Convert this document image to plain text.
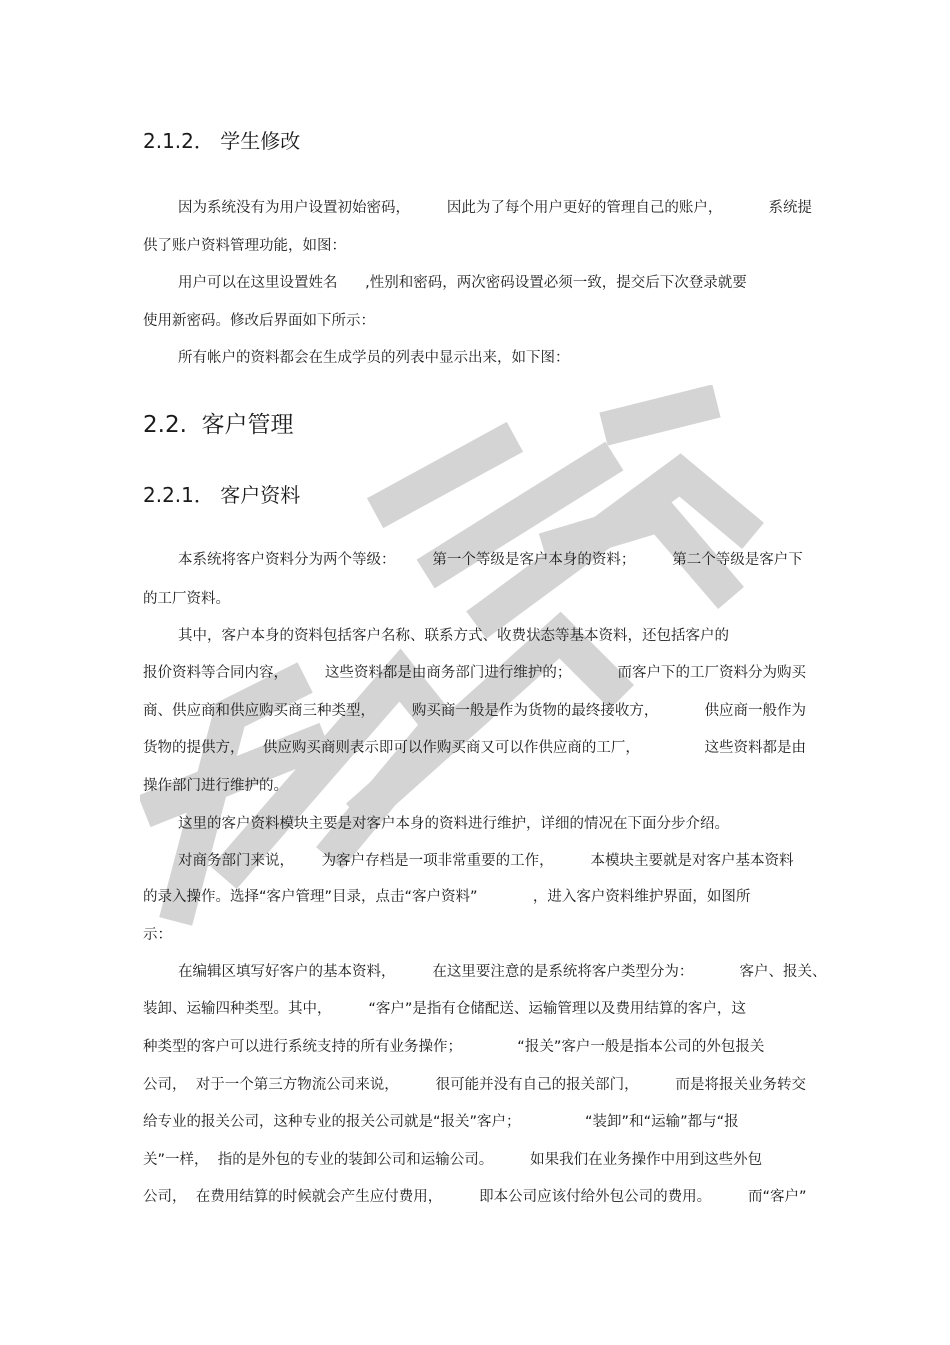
2.1.2． 学生修改
因为系统没有为用户设置初始密码，        因此为了每个用户更好的管理自己的账户，          系统提
供了账户资料管理功能，如图：
用户可以在这里设置姓名      ,性别和密码，两次密码设置必须一致，提交后下次登录就要
使用新密码。修改后界面如下所示：
所有帐户的资料都会在生成学员的列表中显示出来，如下图：
2.2.  客户管理
2.2.1． 客户资料
本系统将客户资料分为两个等级：        第一个等级是客户本身的资料；        第二个等级是客户下
的工厂资料。
其中，客户本身的资料包括客户名称、联系方式、收费状态等基本资料，还包括客户的
报价资料等合同内容，        这些资料都是由商务部门进行维护的；          而客户下的工厂资料分为购买
商、供应商和供应购买商三种类型，        购买商一般是作为货物的最终接收方，          供应商一般作为
货物的提供方，    供应购买商则表示即可以作购买商又可以作供应商的工厂，              这些资料都是由
操作部门进行维护的。
这里的客户资料模块主要是对客户本身的资料进行维护，详细的情况在下面分步介绍。
对商务部门来说，      为客户存档是一项非常重要的工作，        本模块主要就是对客户基本资料
的录入操作。选择“客户管理”目录，点击“客户资料”            ，进入客户资料维护界面，如图所
示：
在编辑区填写好客户的基本资料，        在这里要注意的是系统将客户类型分为：          客户、报关、
装卸、运输四种类型。其中，        “客户”是指有仓储配送、运输管理以及费用结算的客户，这
种类型的客户可以进行系统支持的所有业务操作；            “报关”客户一般是指本公司的外包报关
公司，  对于一个第三方物流公司来说，        很可能并没有自己的报关部门，        而是将报关业务转交
给专业的报关公司，这种专业的报关公司就是“报关”客户；              “装卸”和“运输”都与“报
关”一样，  指的是外包的专业的装卸公司和运输公司。        如果我们在业务操作中用到这些外包
公司，  在费用结算的时候就会产生应付费用，        即本公司应该付给外包公司的费用。        而“客户”
